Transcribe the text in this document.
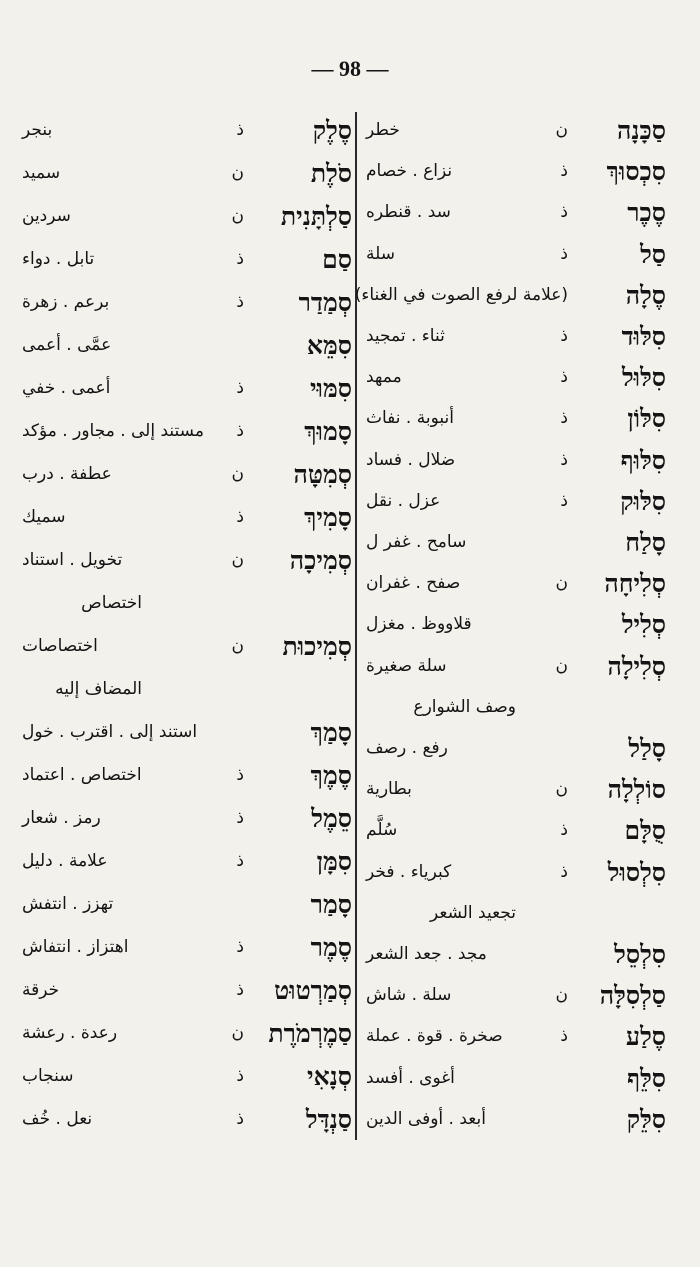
— 98 —
סַכָּנָה
ن
خطر
סִכְסוּךְ
ذ
نزاع . خصام
סֶכֶר
ذ
سد . قنطره
סַל
ذ
سلة
סֶלָה
(علامة لرفع الصوت في الغناء)
סִלּוּד
ذ
ثناء . تمجيد
סִלּוּל
ذ
ممهد
סִלּוֹן
ذ
أنبوبة . نفاث
סִלּוּף
ذ
ضلال . فساد
סִלּוּק
ذ
عزل . نقل
סָלַח
سامح . غفر ل
סְלִיחָה
ن
صفح . غفران
סְלִיל
قلاووظ . مغزل
סְלִילָה
ن
سلة صغيرة
وصف الشوارع
סָלַל
رفع . رصف
סוֹלְלָה
ن
بطارية
סֻלָּם
ذ
سُلَّم
סִלְסוּל
ذ
كبرياء . فخر
تجعيد الشعر
סִלְסֵל
مجد . جعد الشعر
סַלְסִלָּה
ن
سلة . شاش
סֶלַע
ذ
صخرة . قوة . عملة
סִלֵּף
أغوى . أفسد
סִלֵּק
أبعد . أوفى الدين
סֶלֶק
ذ
بنجر
סֹלֶת
ن
سميد
סַלְתָּנִית
ن
سردين
סַם
ذ
تابل . دواء
סְמַדַר
ذ
برعم . زهرة
סִמֵּא
عمَّى . أعمى
סִמּוּי
ذ
أعمى . خفي
סָמוּךְ
ذ
مستند إلى . مجاور . مؤكد
סְמִטָּה
ن
عطفة . درب
סָמִיךְ
ذ
سميك
סְמִיכָה
ن
تخويل . استناد
اختصاص
סְמִיכוּת
ن
اختصاصات
المضاف إليه
סָמַךְ
استند إلى . اقترب . خول
סֶמֶךְ
ذ
اختصاص . اعتماد
סֵמֶל
ذ
رمز . شعار
סִמָּן
ذ
علامة . دليل
סָמַר
تهزز . انتفش
סֶמֶר
ذ
اهتزاز . انتفاش
סְמַרְטוּט
ذ
خرقة
סַמֶרְמֹרֶת
ن
رعدة . رعشة
סְנָאִי
ذ
سنجاب
סַנְדָּל
ذ
نعل . خُف
